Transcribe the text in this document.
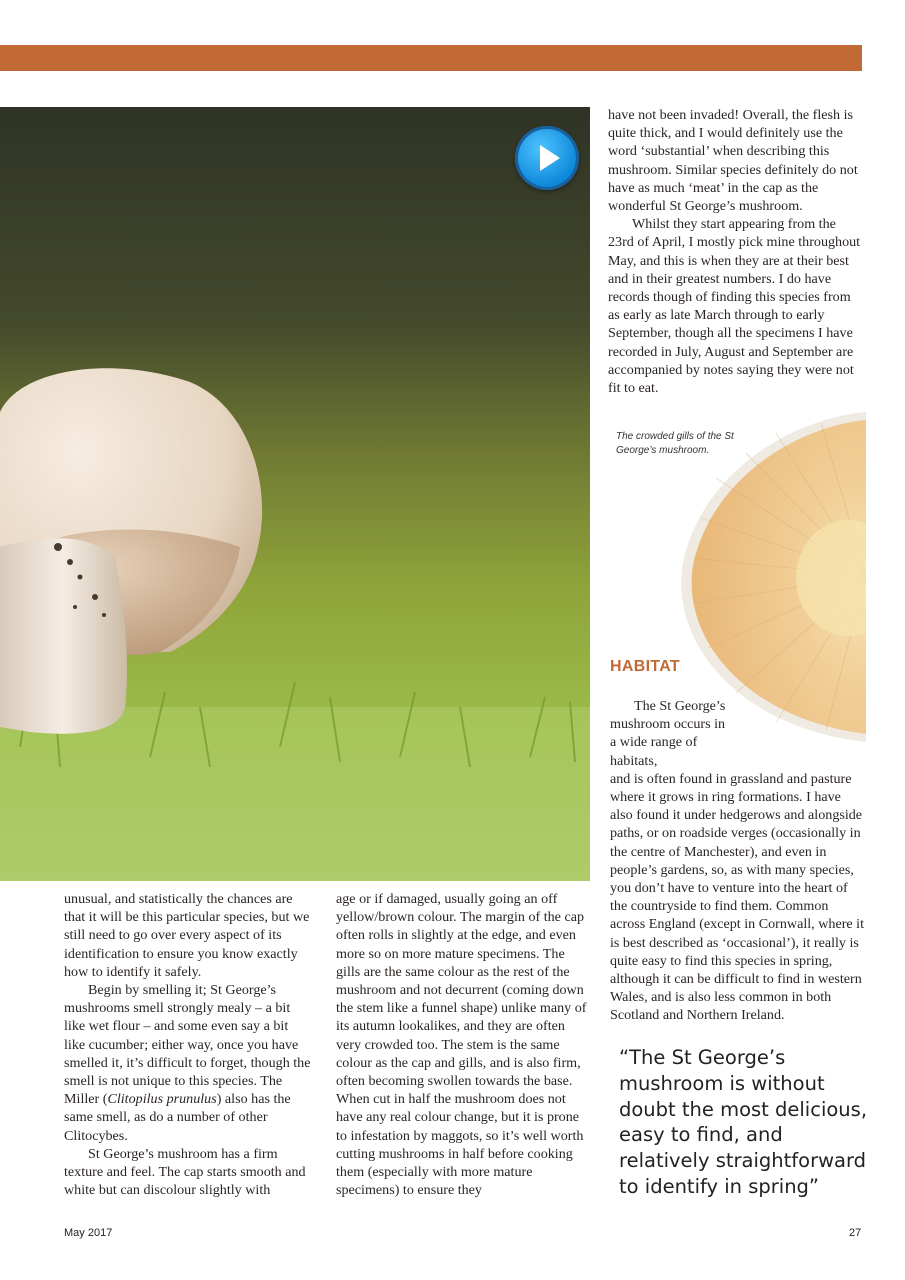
unusual, and statistically the chances are that it will be this particular species, but we still need to go over every aspect of its identification to ensure you know exactly how to identify it safely.

Begin by smelling it; St George’s mushrooms smell strongly mealy – a bit like wet flour – and some even say a bit like cucumber; either way, once you have smelled it, it’s difficult to forget, though the smell is not unique to this species. The Miller (Clitopilus prunulus) also has the same smell, as do a number of other Clitocybes.

St George’s mushroom has a firm texture and feel. The cap starts smooth and white but can discolour slightly with

age or if damaged, usually going an off yellow/brown colour. The margin of the cap often rolls in slightly at the edge, and even more so on more mature specimens. The gills are the same colour as the rest of the mushroom and not decurrent (coming down the stem like a funnel shape) unlike many of its autumn lookalikes, and they are often very crowded too. The stem is the same colour as the cap and gills, and is also firm, often becoming swollen towards the base. When cut in half the mushroom does not have any real colour change, but it is prone to infestation by maggots, so it’s well worth cutting mushrooms in half before cooking them (especially with more mature specimens) to ensure they

have not been invaded! Overall, the flesh is quite thick, and I would definitely use the word ‘substantial’ when describing this mushroom. Similar species definitely do not have as much ‘meat’ in the cap as the wonderful St George’s mushroom.

Whilst they start appearing from the 23rd of April, I mostly pick mine throughout May, and this is when they are at their best and in their greatest numbers. I do have records though of finding this species from as early as late March through to early September, though all the specimens I have recorded in July, August and September are accompanied by notes saying they were not fit to eat.

The crowded gills of the St George’s mushroom.
HABITAT

The St George’s mushroom occurs in a wide range of habitats,

and is often found in grassland and pasture where it grows in ring formations. I have also found it under hedgerows and alongside paths, or on roadside verges (occasionally in the centre of Manchester), and even in people’s gardens, so, as with many species, you don’t have to venture into the heart of the countryside to find them. Common across England (except in Cornwall, where it is best described as ‘occasional’), it really is quite easy to find this species in spring, although it can be difficult to find in western Wales, and is also less common in both Scotland and Northern Ireland.

“The St George’s mushroom is without doubt the most delicious, easy to find, and relatively straightforward to identify in spring”
May 2017	27
